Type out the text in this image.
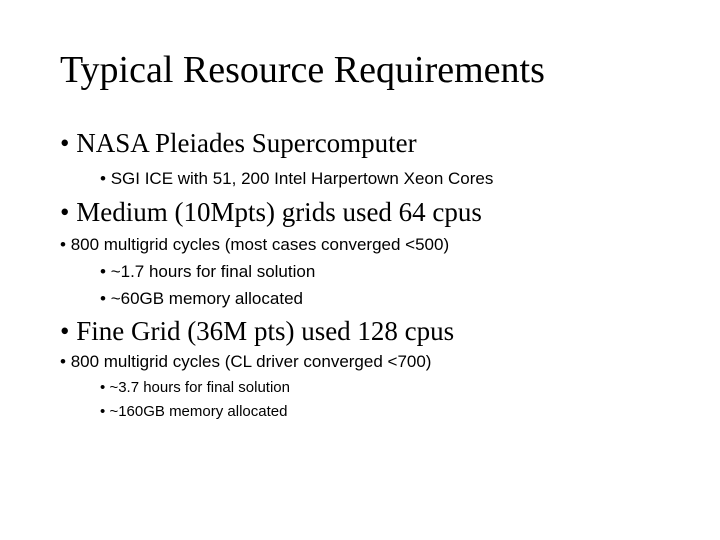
Typical Resource Requirements
• NASA Pleiades Supercomputer
• SGI ICE with 51, 200 Intel Harpertown Xeon Cores
• Medium (10Mpts) grids used 64 cpus
• 800 multigrid cycles (most cases converged <500)
• ~1.7 hours for final solution
• ~60GB memory allocated
• Fine Grid (36M pts) used 128 cpus
• 800 multigrid cycles (CL driver converged <700)
• ~3.7 hours for final solution
• ~160GB memory allocated
